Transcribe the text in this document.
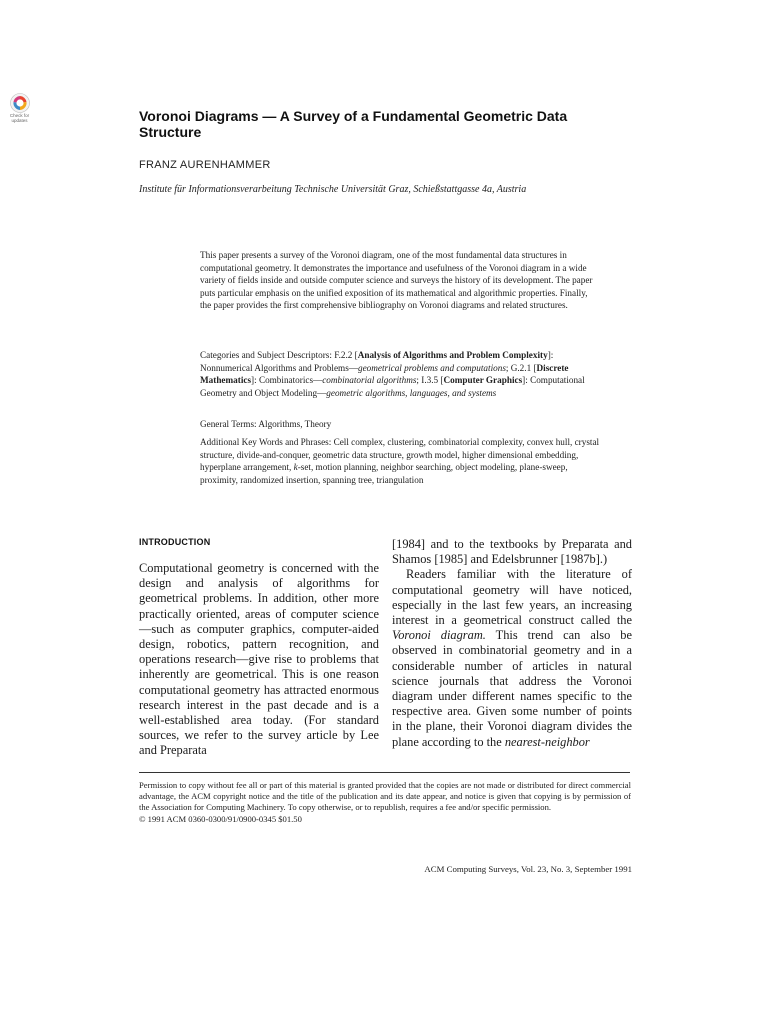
Check for updates	Voronoi Diagrams — A Survey of a Fundamental Geometric Data Structure
FRANZ AURENHAMMER
Institute für Informationsverarbeitung Technische Universität Graz, Schießstattgasse 4a, Austria

This paper presents a survey of the Voronoi diagram, one of the most fundamental data structures in computational geometry. It demonstrates the importance and usefulness of the Voronoi diagram in a wide variety of fields inside and outside computer science and surveys the history of its development. The paper puts particular emphasis on the unified exposition of its mathematical and algorithmic properties. Finally, the paper provides the first comprehensive bibliography on Voronoi diagrams and related structures.

Categories and Subject Descriptors: F.2.2 [Analysis of Algorithms and Problem Complexity]: Nonnumerical Algorithms and Problems—geometrical problems and computations; G.2.1 [Discrete Mathematics]: Combinatorics—combinatorial algorithms; I.3.5 [Computer Graphics]: Computational Geometry and Object Modeling—geometric algorithms, languages, and systems

General Terms: Algorithms, Theory

Additional Key Words and Phrases: Cell complex, clustering, combinatorial complexity, convex hull, crystal structure, divide-and-conquer, geometric data structure, growth model, higher dimensional embedding, hyperplane arrangement, k-set, motion planning, neighbor searching, object modeling, plane-sweep, proximity, randomized insertion, spanning tree, triangulation

INTRODUCTION

Computational geometry is concerned with the design and analysis of algorithms for geometrical problems. In addition, other more practically oriented, areas of computer science—such as computer graphics, computer-aided design, robotics, pattern recognition, and operations research—give rise to problems that inherently are geometrical. This is one reason computational geometry has attracted enormous research interest in the past decade and is a well-established area today. (For standard sources, we refer to the survey article by Lee and Preparata

[1984] and to the textbooks by Preparata and Shamos [1985] and Edelsbrunner [1987b].)

Readers familiar with the literature of computational geometry will have noticed, especially in the last few years, an increasing interest in a geometrical construct called the Voronoi diagram. This trend can also be observed in combinatorial geometry and in a considerable number of articles in natural science journals that address the Voronoi diagram under different names specific to the respective area. Given some number of points in the plane, their Voronoi diagram divides the plane according to the nearest-neighbor

Permission to copy without fee all or part of this material is granted provided that the copies are not made or distributed for direct commercial advantage, the ACM copyright notice and the title of the publication and its date appear, and notice is given that copying is by permission of the Association for Computing Machinery. To copy otherwise, or to republish, requires a fee and/or specific permission.

© 1991 ACM 0360-0300/91/0900-0345 $01.50

ACM Computing Surveys, Vol. 23, No. 3, September 1991
